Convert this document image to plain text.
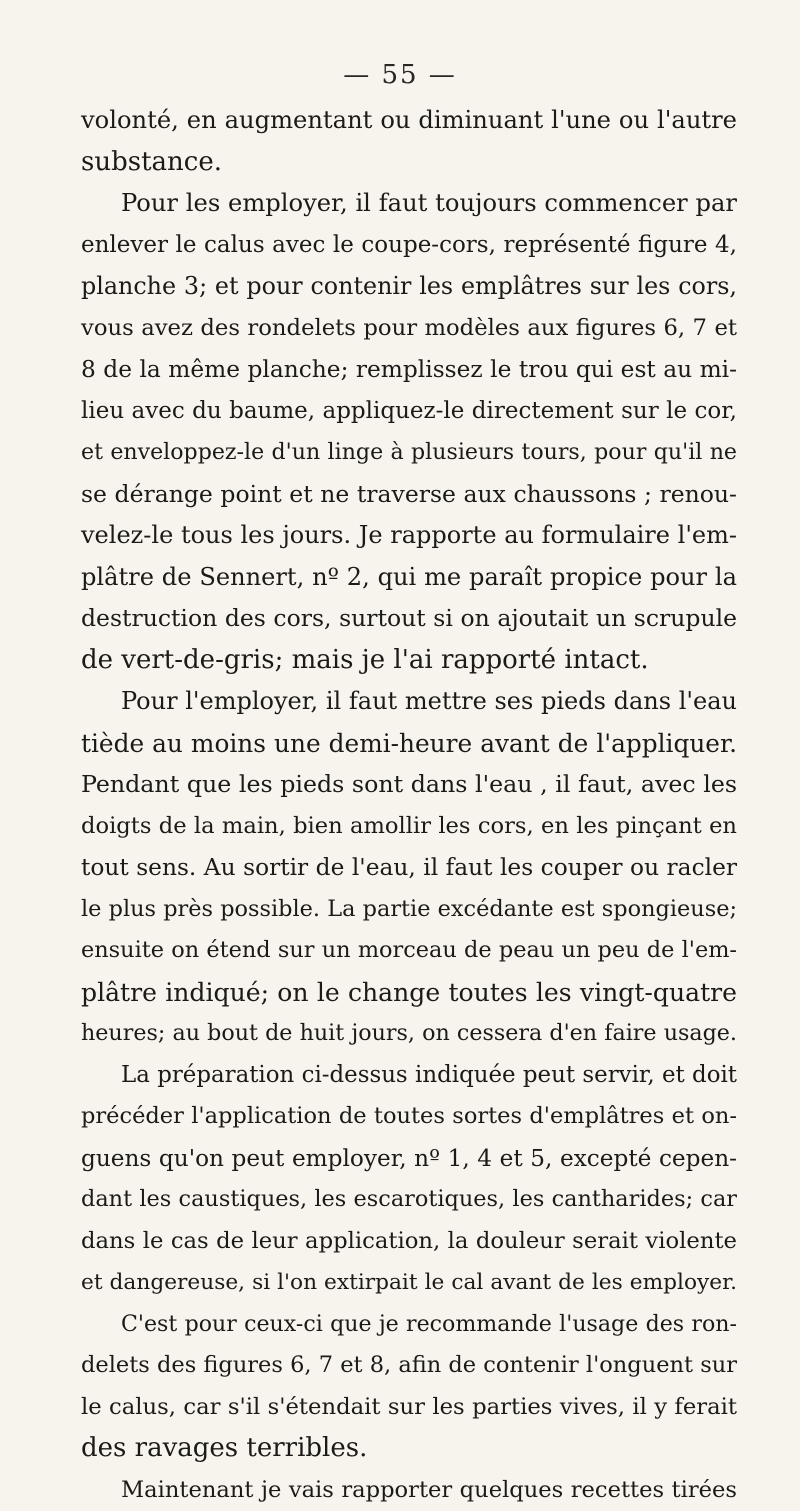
— 55 —
volonté, en augmentant ou diminuant l'une ou l'autre
substance.
Pour les employer, il faut toujours commencer par
enlever le calus avec le coupe-cors, représenté figure 4,
planche 3; et pour contenir les emplâtres sur les cors,
vous avez des rondelets pour modèles aux figures 6, 7 et
8 de la même planche; remplissez le trou qui est au mi-
lieu avec du baume, appliquez-le directement sur le cor,
et enveloppez-le d'un linge à plusieurs tours, pour qu'il ne
se dérange point et ne traverse aux chaussons ; renou-
velez-le tous les jours. Je rapporte au formulaire l'em-
plâtre de Sennert, nº 2, qui me paraît propice pour la
destruction des cors, surtout si on ajoutait un scrupule
de vert-de-gris; mais je l'ai rapporté intact.
Pour l'employer, il faut mettre ses pieds dans l'eau
tiède au moins une demi-heure avant de l'appliquer.
Pendant que les pieds sont dans l'eau , il faut, avec les
doigts de la main, bien amollir les cors, en les pinçant en
tout sens. Au sortir de l'eau, il faut les couper ou racler
le plus près possible. La partie excédante est spongieuse;
ensuite on étend sur un morceau de peau un peu de l'em-
plâtre indiqué; on le change toutes les vingt-quatre
heures; au bout de huit jours, on cessera d'en faire usage.
La préparation ci-dessus indiquée peut servir, et doit
précéder l'application de toutes sortes d'emplâtres et on-
guens qu'on peut employer, nº 1, 4 et 5, excepté cepen-
dant les caustiques, les escarotiques, les cantharides; car
dans le cas de leur application, la douleur serait violente
et dangereuse, si l'on extirpait le cal avant de les employer.
C'est pour ceux-ci que je recommande l'usage des ron-
delets des figures 6, 7 et 8, afin de contenir l'onguent sur
le calus, car s'il s'étendait sur les parties vives, il y ferait
des ravages terribles.
Maintenant je vais rapporter quelques recettes tirées
